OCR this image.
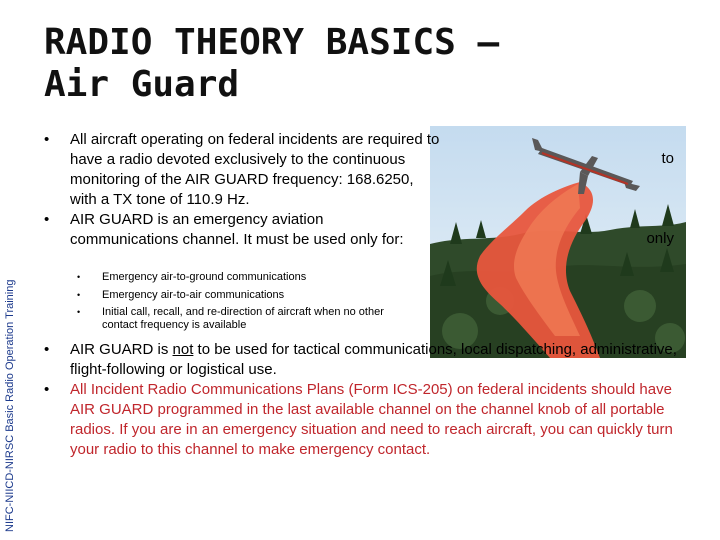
NIFC-NIICD-NIRSC Basic Radio Operation Training
RADIO THEORY BASICS –
Air Guard
to
only
• All aircraft operating on federal incidents are required to have a radio devoted exclusively to the continuous monitoring of the AIR GUARD frequency: 168.6250, with a TX tone of 110.9 Hz.
• AIR GUARD is an emergency aviation communications channel. It must be used only for:
• Emergency air-to-ground communications
• Emergency air-to-air communications
• Initial call, recall, and re-direction of aircraft when no other contact frequency is available
• AIR GUARD is not to be used for tactical communications, local dispatching, administrative, flight-following or logistical use.
• All Incident Radio Communications Plans (Form ICS-205) on federal incidents should have AIR GUARD programmed in the last available channel on the channel knob of all portable radios. If you are in an emergency situation and need to reach aircraft, you can quickly turn your radio to this channel to make emergency contact.
